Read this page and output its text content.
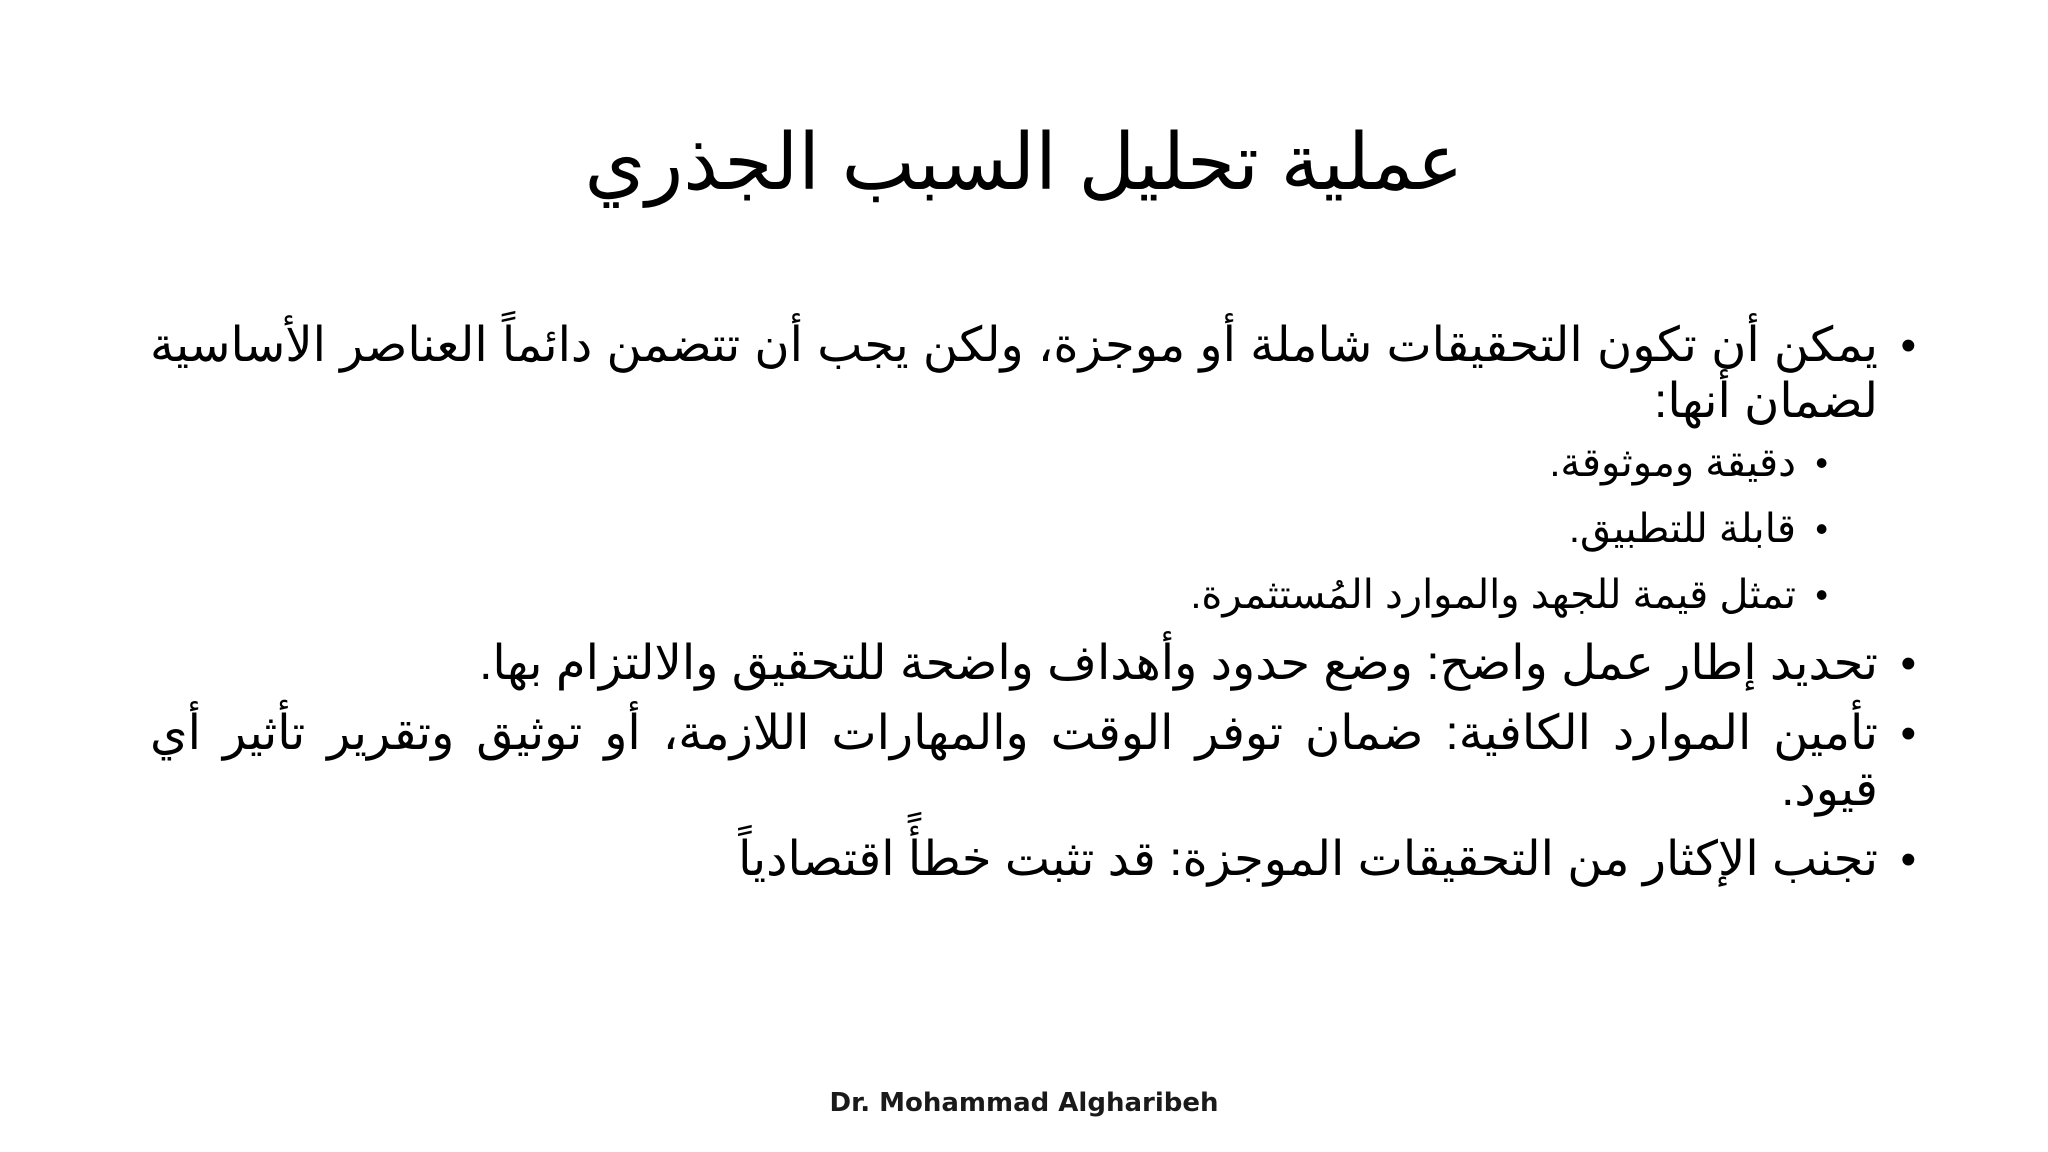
عملية تحليل السبب الجذري
• يمكن أن تكون التحقيقات شاملة أو موجزة، ولكن يجب أن تتضمن دائماً العناصر الأساسية لضمان أنها:
• دقيقة وموثوقة.
• قابلة للتطبيق.
• تمثل قيمة للجهد والموارد المُستثمرة.
• تحديد إطار عمل واضح: وضع حدود وأهداف واضحة للتحقيق والالتزام بها.
• تأمين الموارد الكافية: ضمان توفر الوقت والمهارات اللازمة، أو توثيق وتقرير تأثير أي قيود.
• تجنب الإكثار من التحقيقات الموجزة: قد تثبت خطأً اقتصادياً
Dr. Mohammad Algharibeh
